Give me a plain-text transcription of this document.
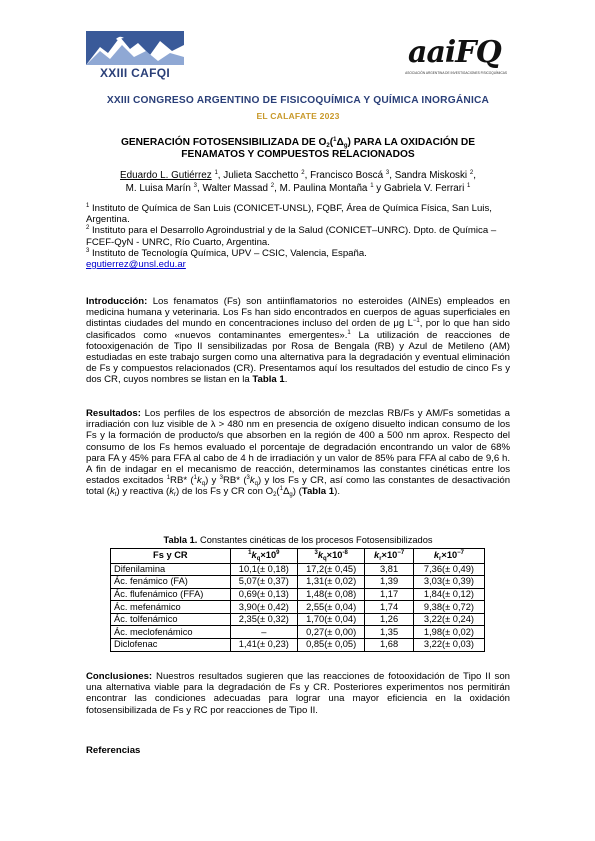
XXIII CAFQI
aaiFQ
ASOCIACIÓN ARGENTINA DE INVESTIGACIONES FISICOQUÍMICAS
XXIII CONGRESO ARGENTINO DE FISICOQUÍMICA Y QUÍMICA INORGÁNICA
EL CALAFATE 2023
GENERACIÓN FOTOSENSIBILIZADA DE $O_2(^1\Delta_g)$ PARA LA OXIDACIÓN DE
FENAMATOS Y COMPUESTOS RELACIONADOS
Eduardo L. Gutiérrez $^1$, Julieta Sacchetto $^2$, Francisco Boscá $^3$, Sandra Miskoski $^2$,
M. Luisa Marín $^3$, Walter Massad $^2$, M. Paulina Montaña $^1$ y Gabriela V. Ferrari $^1$
$^1$ Instituto de Química de San Luis (CONICET-UNSL), FQBF, Área de Química Física, San Luis, Argentina.
$^2$ Instituto para el Desarrollo Agroindustrial y de la Salud (CONICET–UNRC). Dpto. de Química – FCEF-QyN - UNRC, Río Cuarto, Argentina.
$^3$ Instituto de Tecnología Química, UPV – CSIC, Valencia, España.
egutierrez@unsl.edu.ar
Introducción: Los fenamatos (Fs) son antiinflamatorios no esteroides (AINEs) empleados en medicina humana y veterinaria. Los Fs han sido encontrados en cuerpos de aguas superficiales en distintas ciudades del mundo en concentraciones incluso del orden de μg $L^{-1}$, por lo que han sido clasificados como «nuevos contaminantes emergentes».$^1$ La utilización de reacciones de fotooxigenación de Tipo II sensibilizadas por Rosa de Bengala (RB) y Azul de Metileno (AM) estudiadas en este trabajo surgen como una alternativa para la degradación y eventual eliminación de Fs y compuestos relacionados (CR). Presentamos aquí los resultados del estudio de cinco Fs y dos CR, cuyos nombres se listan en la Tabla 1.
Resultados: Los perfiles de los espectros de absorción de mezclas RB/Fs y AM/Fs sometidas a irradiación con luz visible de λ > 480 nm en presencia de oxígeno disuelto indican consumo de los Fs y la formación de producto/s que absorben en la región de 400 a 500 nm aprox. Respecto del consumo de los Fs hemos evaluado el porcentaje de degradación encontrando un valor de 68% para FA y 45% para FFA al cabo de 4 h de irradiación y un valor de 85% para FFA al cabo de 9,6 h. A fin de indagar en el mecanismo de reacción, determinamos las constantes cinéticas entre los estados excitados $^1$RB* $(^1k_q)$ y $^3$RB* $(^3k_q)$ y los Fs y CR, así como las constantes de desactivación total $(k_t)$ y reactiva $(k_r)$ de los Fs y CR con $O_2(^1\Delta_g)$ (Tabla 1).
Tabla 1. Constantes cinéticas de los procesos Fotosensibilizados
Fs y CR	$^1k_q\times 10^9$	$^3k_q\times 10^{-8}$	$k_r\times 10^{-7}$	$k_r\times 10^{-7}$
Difenilamina	10,1(± 0,18)	17,2(± 0,45)	3,81	7,36(± 0,49)
Ác. fenámico (FA)	5,07(± 0,37)	1,31(± 0,02)	1,39	3,03(± 0,39)
Ác. flufenámico (FFA)	0,69(± 0,13)	1,48(± 0,08)	1,17	1,84(± 0,12)
Ác. mefenámico	3,90(± 0,42)	2,55(± 0,04)	1,74	9,38(± 0,72)
Ác. tolfenámico	2,35(± 0,32)	1,70(± 0,04)	1,26	3,22(± 0,24)
Ác. meclofenámico	–	0,27(± 0,00)	1,35	1,98(± 0,02)
Diclofenac	1,41(± 0,23)	0,85(± 0,05)	1,68	3,22(± 0,03)
Conclusiones: Nuestros resultados sugieren que las reacciones de fotooxidación de Tipo II son una alternativa viable para la degradación de Fs y CR. Posteriores experimentos nos permitirán encontrar las condiciones adecuadas para lograr una mayor eficiencia en la oxidación fotosensibilizada de Fs y RC por reacciones de Tipo II.
Referencias
